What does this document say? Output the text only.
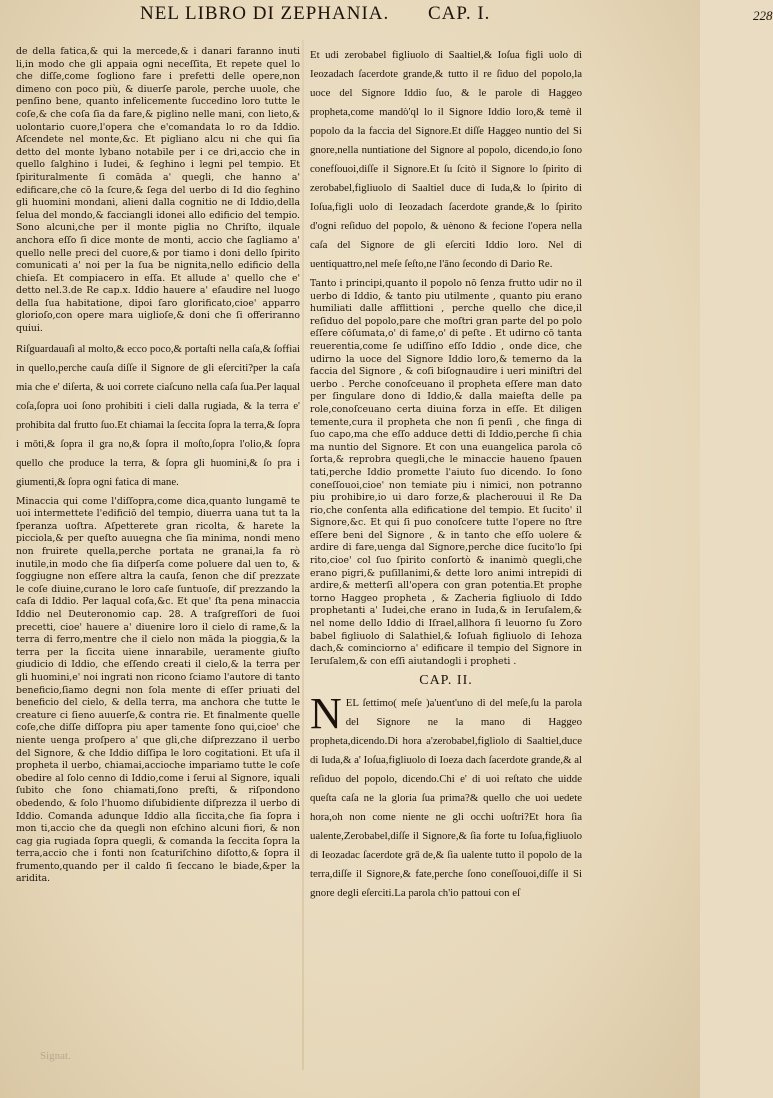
NEL LIBRO DI ZEPHANIA. CAP. I.	228

de della fatica,& qui la mercede,& i danari faranno inuti li,in modo che gli appaia ogni neceſſita, Et repete quel lo che diſſe,come ſogliono fare i prefetti delle opere,non dimeno con poco più, & diuerſe parole, perche uuole, che penſino bene, quanto infelicemente ſuccedino loro tutte le coſe,& che coſa ſia da fare,& piglino nelle mani, con lieto,& uolontario cuore,l'opera che e'comandata lo ro da Iddio. Aſcendete nel monte,&c. Et pigliano alcu ni che qui ſia detto del monte lybano notabile per i ce dri,accio che in quello ſalghino i Iudei, & ſeghino i legni pel tempio. Et ſpirituralmente ſi comāda a' quegli, che hanno a' edificare,che cō la ſcure,& ſega del uerbo di Id dio ſeghino gli huomini mondani, alieni dalla cognitio ne di Iddio,della ſelua del mondo,& facciangli idonei allo edificio del tempio. Sono alcuni,che per il monte piglia no Chriſto, ilquale anchora eſſo ſi dice monte de monti, accio che ſagliamo a' quello nelle preci del cuore,& por tiamo i doni dello ſpirito comunicati a' noi per la ſua be nignita,nello edificio della chieſa. Et compiacero in eſſa. Et allude a' quello che e' detto nel.3.de Re cap.x. Iddio hauere a' eſaudire nel luogo della ſua habitatione, dipoi ſaro glorificato,cioe' apparro glorioſo,con opere mara uiglioſe,& doni che ſi offeriranno quiui.

Riſguardauaſi al molto,& ecco poco,& portaſti nella caſa,& ſoffiai in quello,perche cauſa diſſe il Signore de gli eſerciti?per la caſa mia che e' diſerta, & uoi correte ciaſcuno nella caſa ſua.Per laqual coſa,ſopra uoi ſono prohibiti i cieli dalla rugiada, & la terra e' prohibita dal frutto ſuo.Et chiamai la ſeccita ſopra la terra,& ſopra i mōti,& ſopra il gra no,& ſopra il moſto,ſopra l'olio,& ſopra quello che produce la terra, & ſopra gli huomini,& ſo pra i giumenti,& ſopra ogni fatica di mane.

Minaccia qui come l'diſſopra,come dica,quanto lungamē te uoi intermettete l'edificiō del tempio, diuerra uana tut ta la ſperanza uoſtra. Aſpetterete gran ricolta, & harete la picciola,& per queſto auuegna che ſia minima, nondi meno non fruirete quella,perche portata ne granai,la fa rò inutile,in modo che ſia diſperſa come poluere dal uen to, & ſoggiugne non eſſere altra la cauſa, ſenon che diſ prezzate le coſe diuine,curano le loro caſe ſuntuoſe, diſ prezzando la caſa di Iddio. Per laqual coſa,&c. Et que' ſta pena minaccia Iddio nel Deuteronomio cap. 28. A traſgreſſori de ſuoi precetti, cioe' hauere a' diuenire loro il cielo di rame,& la terra di ferro,mentre che il cielo non māda la pioggia,& la terra per la ſiccita uiene innarabile, ueramente giuſto giudicio di Iddio, che eſſendo creati il cielo,& la terra per gli huomini,e' noi ingrati non ricono ſciamo l'autore di tanto beneficio,ſiamo degni non ſola mente di eſſer priuati del beneficio del cielo, & della terra, ma anchora che tutte le creature ci ſieno auuerſe,& contra rie. Et finalmente quelle coſe,che diſſe diſſopra piu aper tamente ſono qui,cioe' che niente uenga proſpero a' que gli,che diſprezzano il uerbo del Signore, & che Iddio diſſipa le loro cogitationi. Et uſa il propheta il uerbo, chiamai,accioche impariamo tutte le coſe obedire al ſolo cenno di Iddio,come i ſerui al Signore, iquali ſubito che ſono chiamati,ſono preſti, & riſpondono obedendo, & ſolo l'huomo diſubidiente diſprezza il uerbo di Iddio. Comanda adunque Iddio alla ſiccita,che ſia ſopra i mon ti,accio che da quegli non eſchino alcuni fiori, & non cag gia rugiada ſopra quegli, & comanda la ſeccita ſopra la terra,accio che i fonti non ſcaturiſchino diſotto,& ſopra il frumento,quando per il caldo ſi ſeccano le biade,&per la aridita.

Et udi zerobabel figliuolo di Saaltiel,& Ioſua figli uolo di Ieozadach ſacerdote grande,& tutto il re ſiduo del popolo,la uoce del Signore Iddio ſuo, & le parole di Haggeo propheta,come mandò'ql lo il Signore Iddio loro,& temè il popolo da la faccia del Signore.Et diſſe Haggeo nuntio del Si gnore,nella nuntiatione del Signore al popolo, dicendo,io ſono conefſouoi,diſſe il Signore.Et ſu ſcitò il Signore lo ſpirito di zerobabel,figliuolo di Saaltiel duce di Iuda,& lo ſpirito di Ioſua,figli uolo di Ieozadach ſacerdote grande,& lo ſpirito d'ogni reſiduo del popolo, & uènono & fecione l'opera nella caſa del Signore de gli eſerciti Iddio loro. Nel di uentiquattro,nel meſe ſeſto,ne l'āno ſecondo di Dario Re.

Tanto i principi,quanto il popolo nō ſenza frutto udir no il uerbo di Iddio, & tanto piu utilmente , quanto piu erano humiliati dalle afflittioni , perche quello che dice,il reſiduo del popolo,pare che moſtri gran parte del po polo eſſere cōſumata,o' di fame,o' di peſte . Et udirno cō tanta reuerentia,come ſe udiſſino eſſo Iddio , onde dice, che udirno la uoce del Signore Iddio loro,& temerno da la faccia del Signore , & coſi biſognaudire i ueri miniſtri del uerbo . Perche conoſceuano il propheta eſſere man dato per ſingulare dono di Iddio,& dalla maieſta delle pa role,conoſceuano certa diuina forza in eſſe. Et diligen temente,cura il propheta che non ſi penſi , che finga di ſuo capo,ma che eſſo adduce detti di Iddio,perche ſi chia ma nuntio del Signore. Et con una euangelica parola cō ſorta,& reprobra quegli,che le minaccie haueno ſpauen tati,perche Iddio promette l'aiuto ſuo dicendo. Io ſono coneſſouoi,cioe' non temiate piu i nimici, non potranno piu prohibire,io ui daro forze,& placherouui il Re Da rio,che conſenta alla edificatione del tempio. Et ſucito' il Signore,&c. Et qui ſi puo conoſcere tutte l'opere no ſtre eſſere beni del Signore , & in tanto che eſſo uolere & ardire di fare,uenga dal Signore,perche dice ſucito'lo ſpi rito,cioe' col ſuo ſpirito conſortò & inanimò quegli,che erano pigri,& puſillanimi,& dette loro animi intrepidi di ardire,& metterſi all'opera con gran potentia.Et prophe torno Haggeo propheta , & Zacheria figliuolo di Iddo prophetanti a' Iudei,che erano in Iuda,& in Ieruſalem,& nel nome dello Iddio di Iſrael,allhora ſi leuorno ſu Zoro babel figliuolo di Salathiel,& Ioſuah figliuolo di Iehoza dach,& cominciorno a' edificare il tempio del Signore in Ieruſalem,& con eſſi aiutandogli i propheti .

CAP. II.

NEL ſettimo( meſe )a'uent'uno di del meſe,ſu la parola del Signore ne la mano di Haggeo propheta,dicendo.Di hora a'zerobabel,figliolo di Saaltiel,duce di Iuda,& a' Ioſua,figliuolo di Ioeza dach ſacerdote grande,& al reſiduo del popolo, dicendo.Chi e' di uoi reſtato che uidde queſta caſa ne la gloria ſua prima?& quello che uoi uedete hora,oh non come niente ne gli occhi uoſtri?Et hora ſia ualente,Zerobabel,diſſe il Signore,& ſia forte tu Ioſua,figliuolo di Ieozadac ſacerdote grā de,& ſia ualente tutto il popolo de la terra,diſſe il Signore,& fate,perche ſono coneſſouoi,diſſe il Si gnore degli eſerciti.La parola ch'io pattoui con eſ

Signat.
